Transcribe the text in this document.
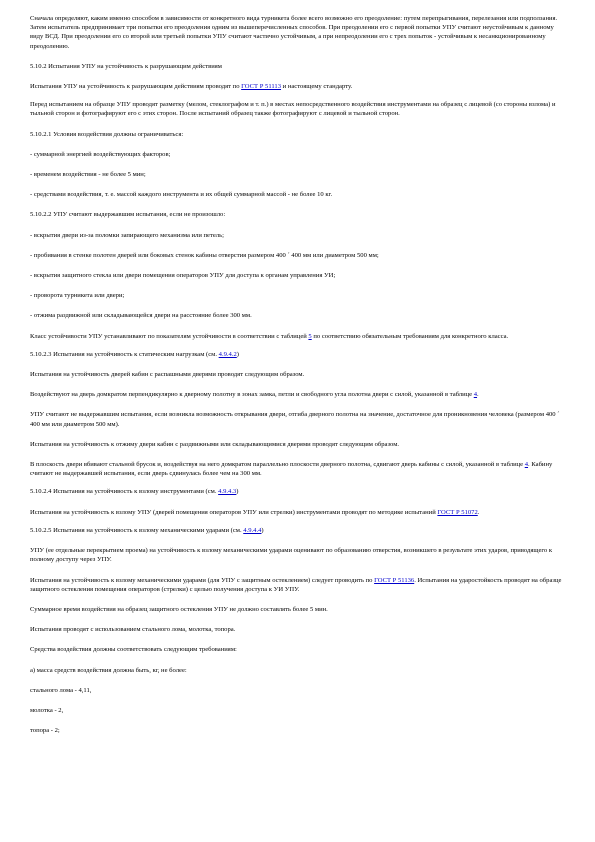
Сначала определяют, каким именно способом в зависимости от конкретного вида турникета более всего возможно его преодоление: путем перепрыгивания, перелезания или подползания. Затем испытатель предпринимает три попытки его преодоления одним из вышеперечисленных способов. При преодолении его с первой попытки УПУ считают неустойчивым к данному виду ВСД. При преодолении его со второй или третьей попытки УПУ считают частично устойчивым, а при непреодолении его с трех попыток - устойчивым к несанкционированному преодолению.

5.10.2 Испытания УПУ на устойчивость к разрушающим действиям

Испытания УПУ на устойчивость к разрушающим действиям проводят по ГОСТ Р 51113 и настоящему стандарту.

Перед испытанием на образце УПУ проводят разметку (мелом, стеклографом и т. п.) в местах непосредственного воздействия инструментами на образец с лицевой (со стороны взлома) и тыльной сторон и фотографируют его с этих сторон. После испытаний образец также фотографируют с лицевой и тыльной сторон.

5.10.2.1 Условия воздействия должны ограничиваться:

- суммарной энергией воздействующих факторов;

- временем воздействия - не более 5 мин;

- средствами воздействия, т. е. массой каждого инструмента и их общей суммарной массой - не более 10 кг.

5.10.2.2 УПУ считают выдержавшим испытания, если не произошло:

- вскрытия двери из-за поломки запирающего механизма или петель;

- пробивания в стенке полотен дверей или боковых стенок кабины отверстия размером 400 ´ 400 мм или диаметром 500 мм;

- вскрытия защитного стекла или двери помещения операторов УПУ для доступа к органам управления УИ;

- проворота турникета или двери;

- отжима раздвижной или складывающейся двери на расстояние более 300 мм.

Класс устойчивости УПУ устанавливают по показателям устойчивости в соответствии с таблицей 5 по соответствию обязательным требованиям для конкретного класса.

5.10.2.3 Испытания на устойчивость к статическим нагрузкам (см. 4.9.4.2)

Испытания на устойчивость дверей кабин с распашными дверями проводят следующим образом.

Воздействуют на дверь домкратом перпендикулярно к дверному полотну в зонах замка, петли и свободного угла полотна двери с силой, указанной в таблице 4.

УПУ считают не выдержавшим испытания, если возникла возможность открывания двери, отгиба дверного полотна на значение, достаточное для проникновения человека (размером 400 ´ 400 мм или диаметром 500 мм).

Испытания на устойчивость к отжиму двери кабин с раздвижными или складывающимися дверями проводят следующим образом.

В плоскость двери вбивают стальной брусок и, воздействуя на него домкратом параллельно плоскости дверного полотна, сдвигают дверь кабины с силой, указанной в таблице 4. Кабину считают не выдержавшей испытания, если дверь сдвинулась более чем на 300 мм.

5.10.2.4 Испытания на устойчивость к взлому инструментами (см. 4.9.4.3)

Испытания на устойчивость к взлому УПУ (дверей помещения операторов УПУ или стрелки) инструментами проводят по методике испытаний ГОСТ Р 51072.

5.10.2.5 Испытания на устойчивость к взлому механическими ударами (см. 4.9.4.4)

УПУ (ее отдельные перекрытием проема) на устойчивость к взлому механическими ударами оценивают по образованию отверстия, возникшего в результате этих ударов, приводящего к полному доступу через УПУ.

Испытания на устойчивость к взлому механическими ударами (для УПУ с защитным остеклением) следует проводить по ГОСТ Р 51136. Испытания на ударостойкость проводят на образце защитного остекления помещения операторов (стрелки) с целью получения доступа к УИ УПУ.

Суммарное время воздействия на образец защитного остекления УПУ не должно составлять более 5 мин.

Испытания проводят с использованием стального лома, молотка, топора.

Средства воздействия должны соответствовать следующим требованиям:

а) масса средств воздействия должна быть, кг, не более:

стального лома - 4,11,

молотка - 2,

топора - 2;
